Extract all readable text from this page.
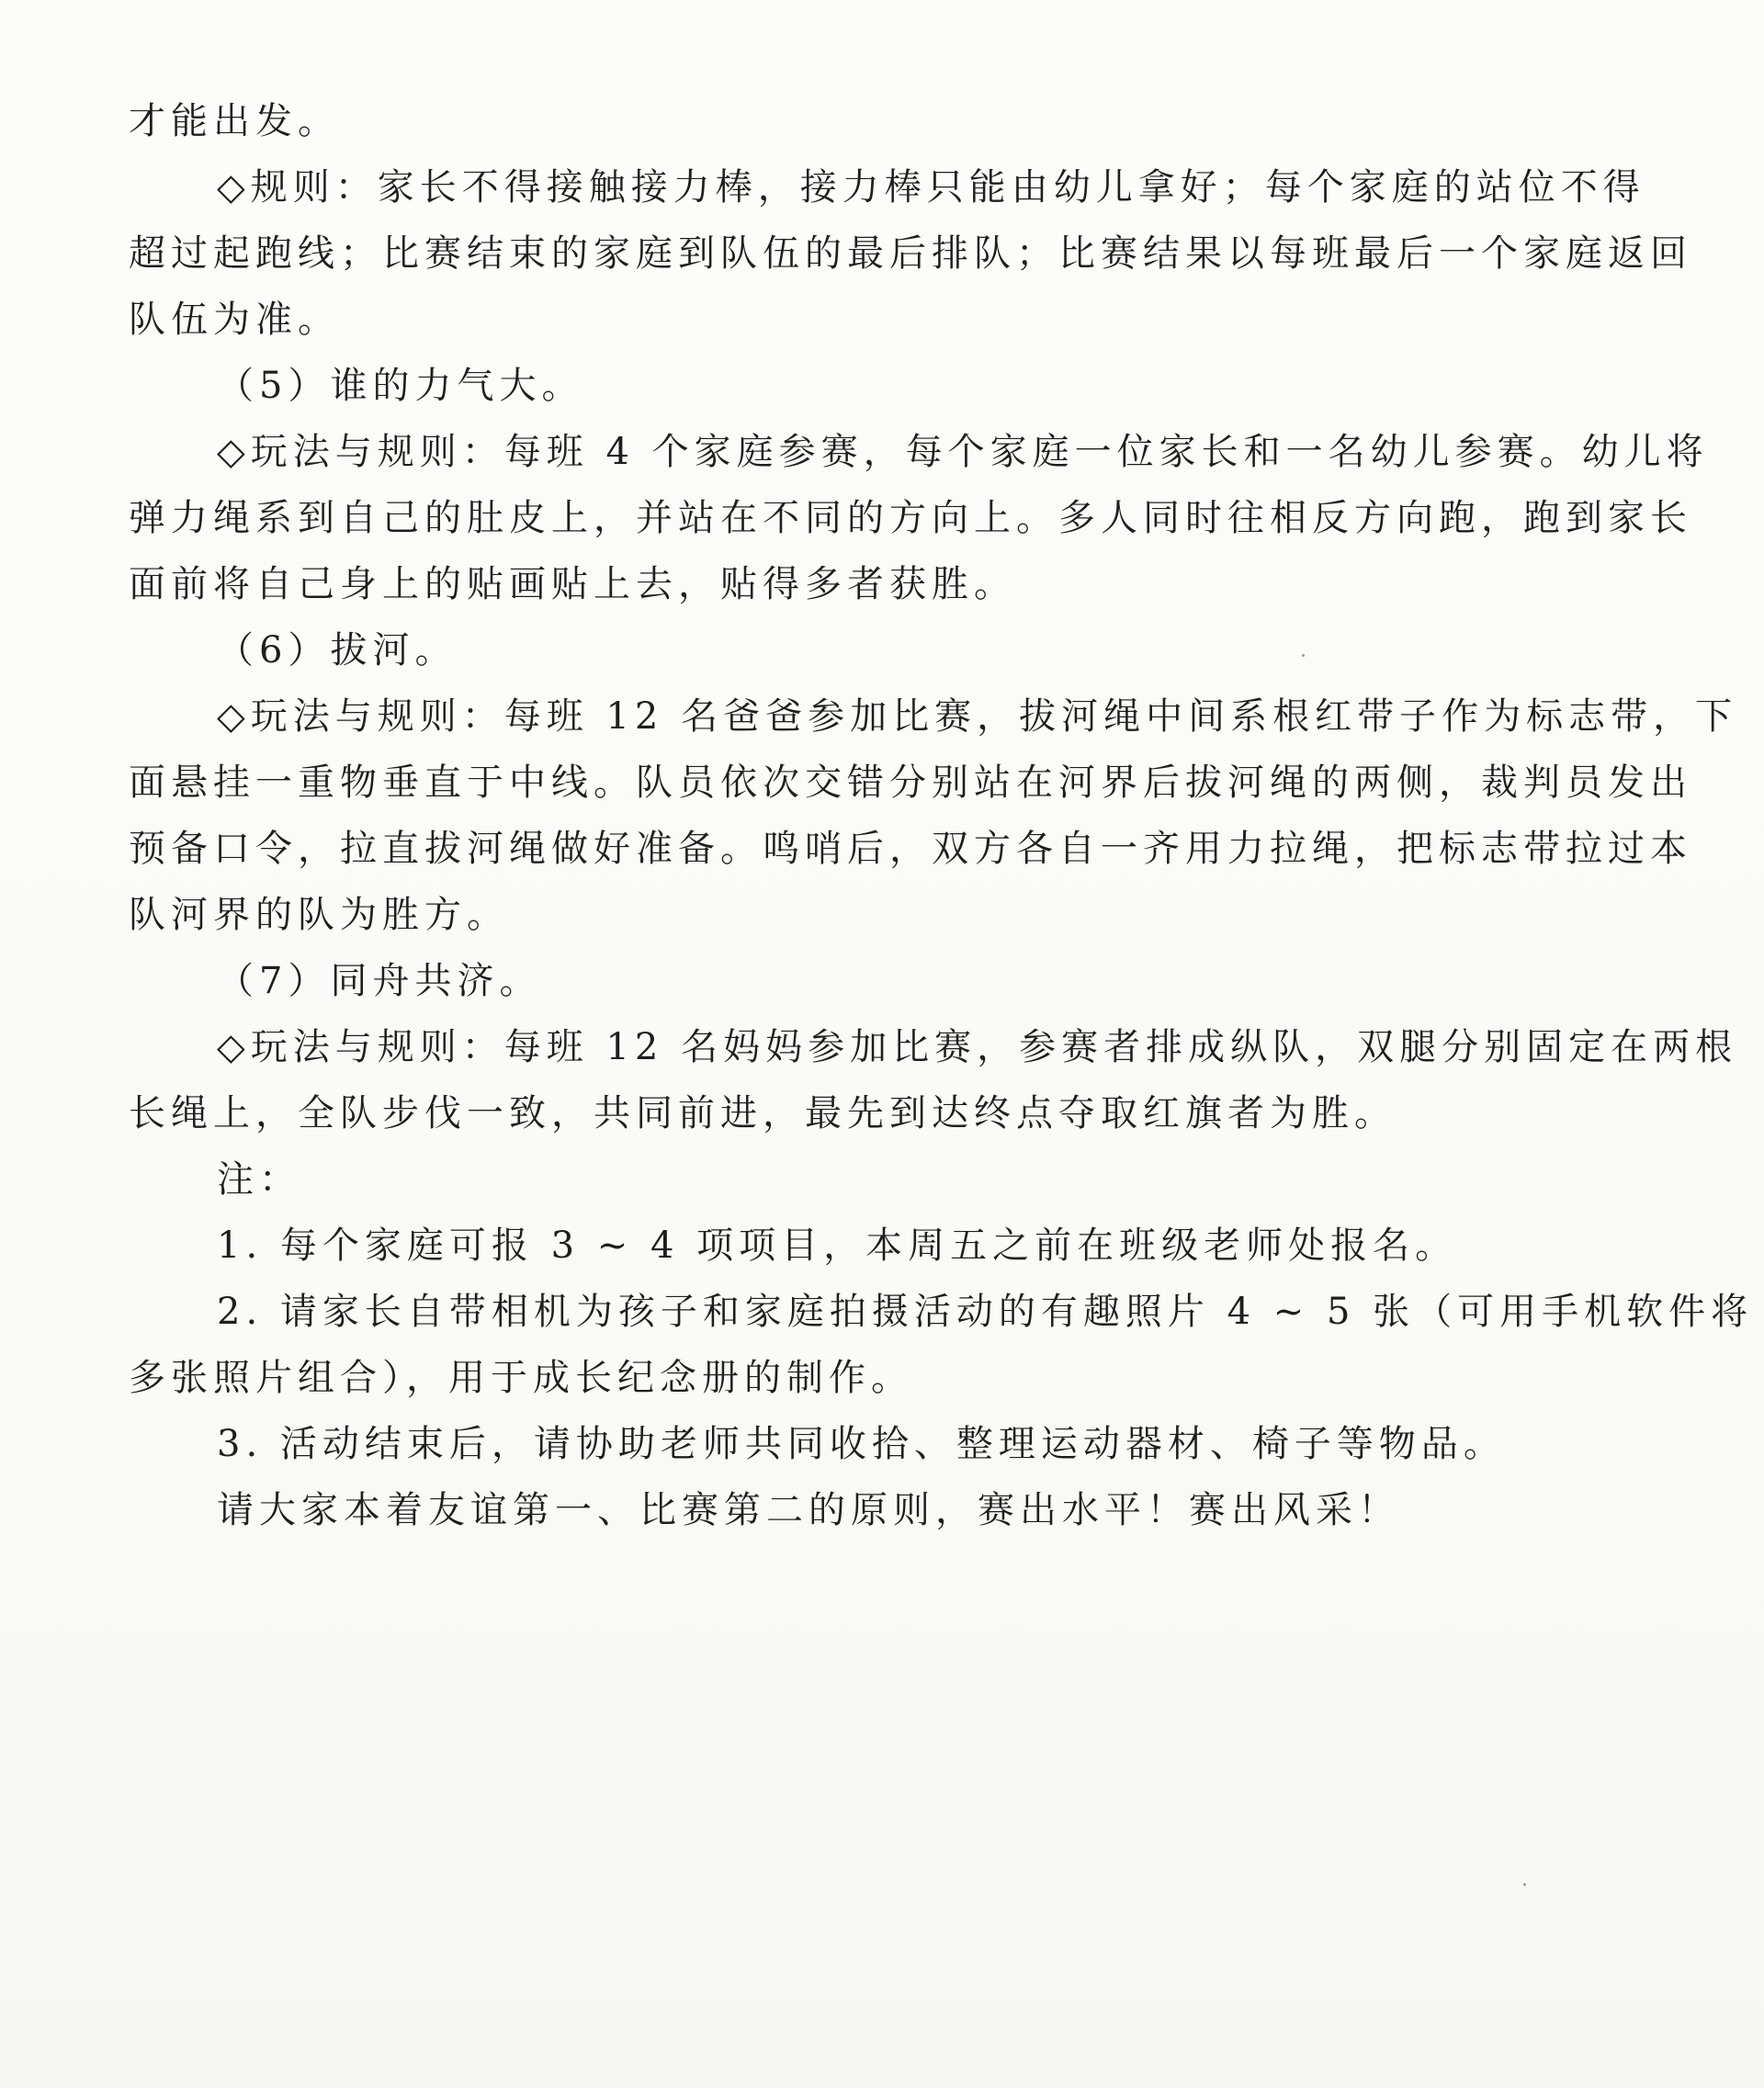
才能出发。
◇规则：家长不得接触接力棒，接力棒只能由幼儿拿好；每个家庭的站位不得
超过起跑线；比赛结束的家庭到队伍的最后排队；比赛结果以每班最后一个家庭返回
队伍为准。
（5）谁的力气大。
◇玩法与规则：每班 4 个家庭参赛，每个家庭一位家长和一名幼儿参赛。幼儿将
弹力绳系到自己的肚皮上，并站在不同的方向上。多人同时往相反方向跑，跑到家长
面前将自己身上的贴画贴上去，贴得多者获胜。
（6）拔河。
◇玩法与规则：每班 12 名爸爸参加比赛，拔河绳中间系根红带子作为标志带，下
面悬挂一重物垂直于中线。队员依次交错分别站在河界后拔河绳的两侧，裁判员发出
预备口令，拉直拔河绳做好准备。鸣哨后，双方各自一齐用力拉绳，把标志带拉过本
队河界的队为胜方。
（7）同舟共济。
◇玩法与规则：每班 12 名妈妈参加比赛，参赛者排成纵队，双腿分别固定在两根
长绳上，全队步伐一致，共同前进，最先到达终点夺取红旗者为胜。
注：
1. 每个家庭可报 3 ~ 4 项项目，本周五之前在班级老师处报名。
2. 请家长自带相机为孩子和家庭拍摄活动的有趣照片 4 ~ 5 张（可用手机软件将
多张照片组合），用于成长纪念册的制作。
3. 活动结束后，请协助老师共同收拾、整理运动器材、椅子等物品。
请大家本着友谊第一、比赛第二的原则，赛出水平！赛出风采！
